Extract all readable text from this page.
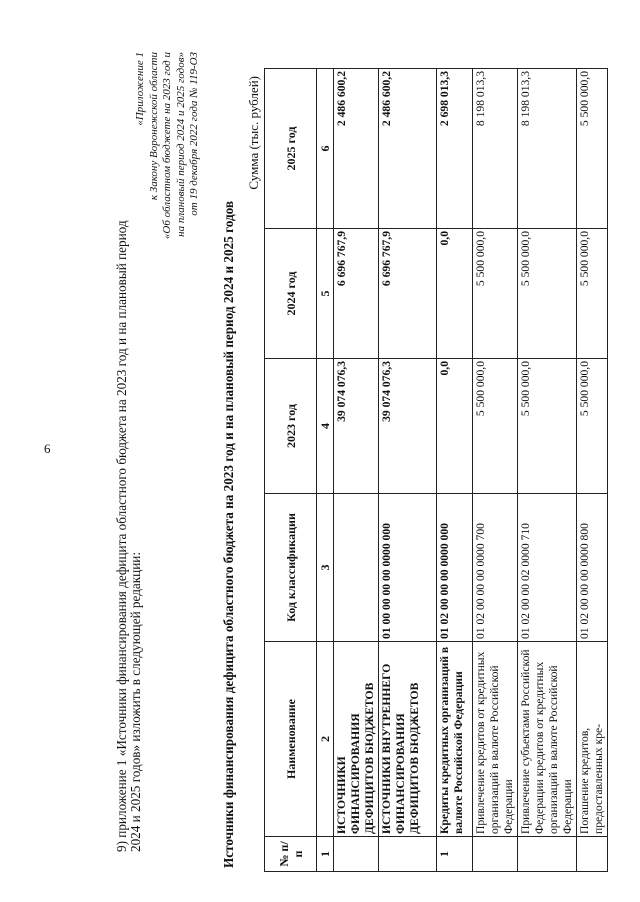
6	9) приложение 1 «Источники финансирования дефицита областного бюджета на 2023 год и на плановый период 2024 и 2025 годов» изложить в следующей редакции:
«Приложение 1 к Закону Воронежской области «Об областном бюджете на 2023 год и на плановый период 2024 и 2025 годов» от 19 декабря 2022 года № 119-ОЗ
Источники финансирования дефицита областного бюджета на 2023 год и на плановый период 2024 и 2025 годов
Сумма (тыс. рублей)
№ п/п	Наименование	Код классификации	2023 год	2024 год	2025 год
1	2	3	4	5	6
	ИСТОЧНИКИ ФИНАНСИРОВАНИЯ ДЕФИЦИТОВ БЮДЖЕТОВ		39 074 076,3	6 696 767,9	2 486 600,2
	ИСТОЧНИКИ ВНУТРЕННЕГО ФИНАНСИРОВАНИЯ ДЕФИЦИТОВ БЮДЖЕТОВ	01 00 00 00 00 0000 000	39 074 076,3	6 696 767,9	2 486 600,2
1	Кредиты кредитных организаций в валюте Российской Федерации	01 02 00 00 00 0000 000	0,0	0,0	2 698 013,3
	Привлечение кредитов от кредитных организаций в валюте Российской Федерации	01 02 00 00 00 0000 700	5 500 000,0	5 500 000,0	8 198 013,3
	Привлечение субъектами Российской Федерации кредитов от кредитных организаций в валюте Российской Федерации	01 02 00 00 02 0000 710	5 500 000,0	5 500 000,0	8 198 013,3
	Погашение кредитов, предоставленных кре-	01 02 00 00 00 0000 800	5 500 000,0	5 500 000,0	5 500 000,0
